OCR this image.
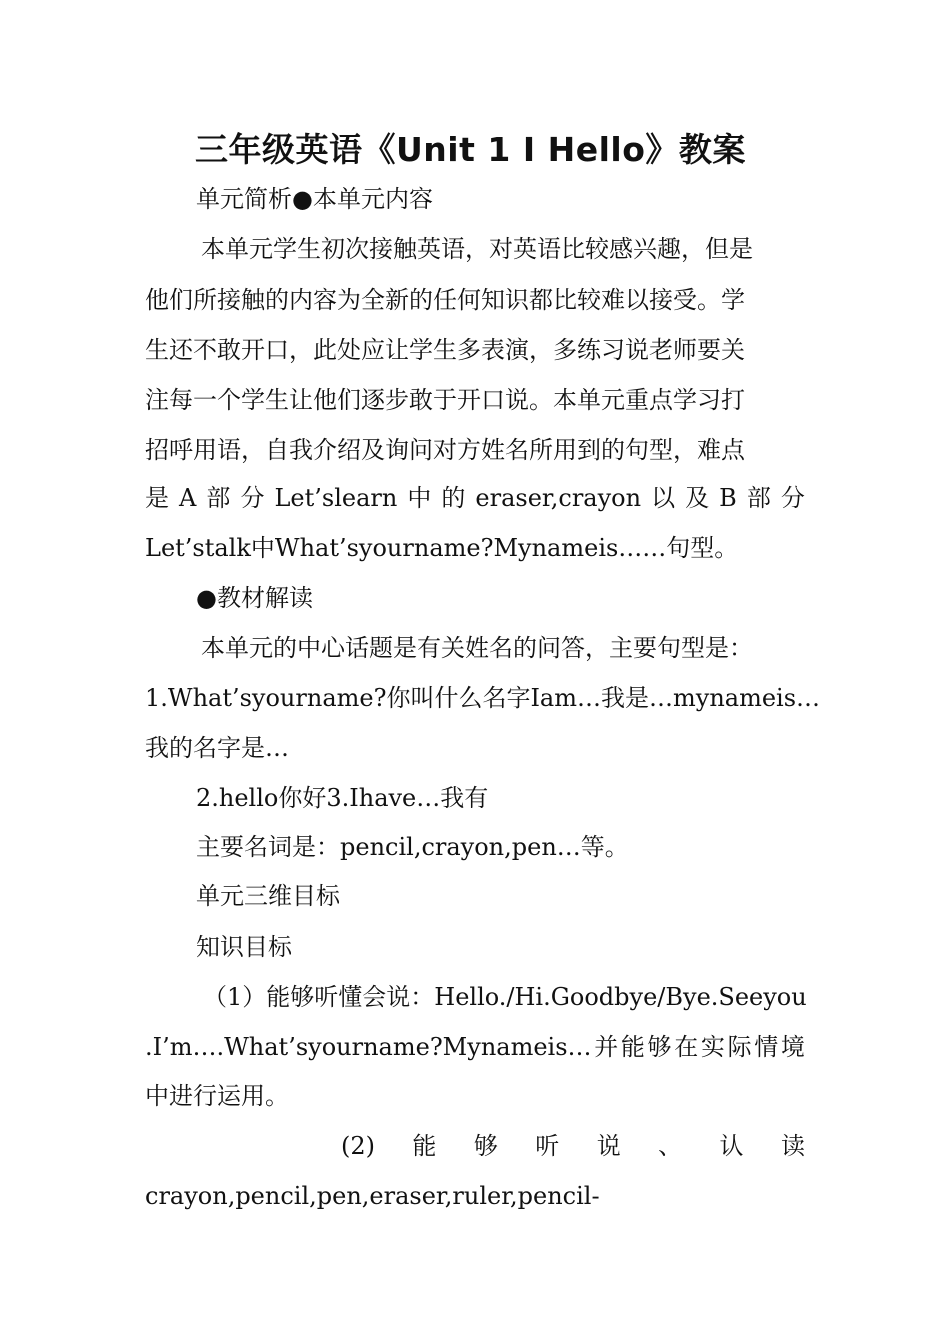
三年级英语《Unit 1 I Hello》教案
单元简析●本单元内容
本单元学生初次接触英语，对英语比较感兴趣，但是
他们所接触的内容为全新的任何知识都比较难以接受。学
生还不敢开口，此处应让学生多表演，多练习说老师要关
注每一个学生让他们逐步敢于开口说。本单元重点学习打
招呼用语，自我介绍及询问对方姓名所用到的句型，难点
是 A 部 分 Let’slearn 中 的 eraser,crayon 以 及 B 部 分
Let’stalk中What’syourname?Mynameis……句型。
●教材解读
本单元的中心话题是有关姓名的问答，主要句型是：
1.What’syourname?你叫什么名字Iam…我是…mynameis…
我的名字是…
2.hello你好3.Ihave…我有
主要名词是：pencil,crayon,pen…等。
单元三维目标
知识目标
（1）能够听懂会说：Hello./Hi.Goodbye/Bye.Seeyou
.I’m….What’syourname?Mynameis… 并 能 够 在 实 际 情 境
中进行运用。
(2) 能 够 听 说 、 认 读
crayon,pencil,pen,eraser,ruler,pencil-
